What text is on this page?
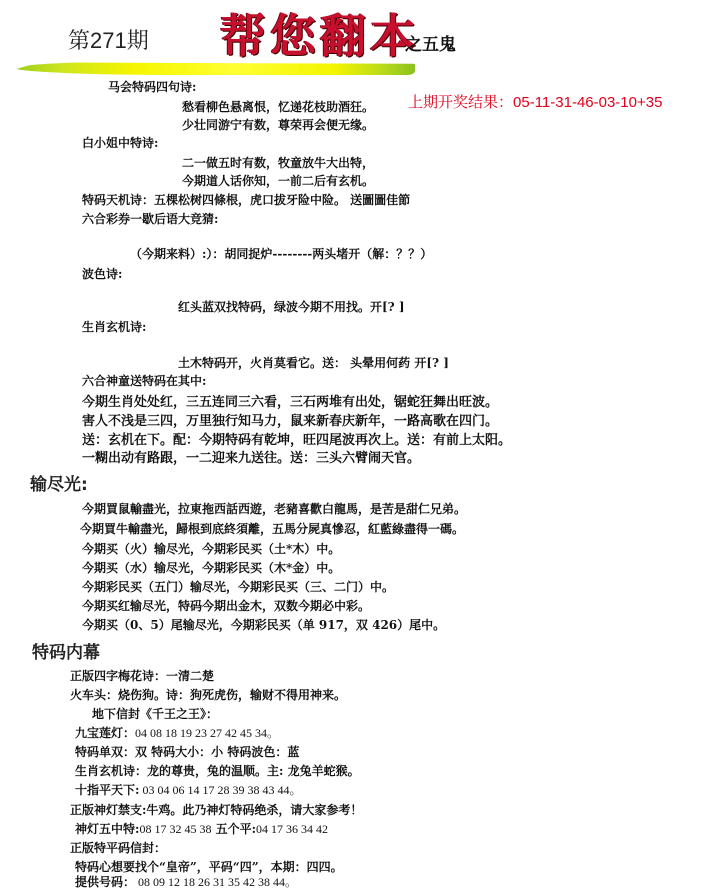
第271期 帮您翻本
之五鬼
上期开奖结果：05-11-31-46-03-10+35
马会特码四句诗:
愁看柳色悬离恨，忆递花枝助酒狂。
少壮同游宁有数，尊荣再会便无缘。
白小姐中特诗:
二一做五时有数，牧童放牛大出特，
今期道人话你知，一前二后有玄机。
特码天机诗：五棵松树四條根，虎口拔牙险中险。 送圖圖佳節
六合彩券一歇后语大竞猜:
（今期来料）:）：胡同捉炉--------两头堵开（解：？？）
波色诗:
红头蓝双找特码，绿波今期不用找。开[? ]
生肖玄机诗:
土木特码开，火肖莫看它。送： 头晕用何药 开[? ]
六合神童送特码在其中:
今期生肖处处红，三五连同三六看，三石两堆有出处，锯蛇狂舞出旺波。
害人不浅是三四，万里独行知马力，鼠来新春庆新年，一路高歌在四门。
送：玄机在下。配：今期特码有乾坤，旺四尾波再次上。送：有前上太阳。
一糊出动有路跟，一二迎来九送往。送：三头六臂闹天官。
输尽光:
今期買鼠輸盡光，拉東拖西話西遊，老豬喜歡白龍馬，是苦是甜仁兄弟。
今期買牛輸盡光，歸根到底終須離，五馬分屍真慘忍，紅藍綠盡得一碼。
今期买（火）输尽光，今期彩民买（土*木）中。
今期买（水）输尽光，今期彩民买（木*金）中。
今期彩民买（五门）输尽光，今期彩民买（三、二门）中。
今期买红输尽光，特码今期出金木，双数今期必中彩。
今期买（0、5）尾输尽光，今期彩民买（单 917，双 426）尾中。
特码内幕
正版四字梅花诗：一清二楚
火车头：烧伤狗。诗：狗死虎伤，输财不得用神来。
地下信封《千王之王》：
九宝莲灯：04 08 18 19 23 27 42 45 34。
特码单双：双 特码大小：小 特码波色：蓝
生肖玄机诗：龙的尊贵，兔的温顺。主: 龙兔羊蛇猴。
十指平天下: 03 04 06 14 17 28 39 38 43 44。
正版神灯禁支:牛鸡。此乃神灯特码绝杀，请大家参考！
神灯五中特:08 17 32 45 38 五个平:04 17 36 34 42
正版特平码信封：
特码心想要找个“皇帝”，平码“四”，本期：四四。
提供号码： 08 09 12 18 26 31 35 42 38 44。
